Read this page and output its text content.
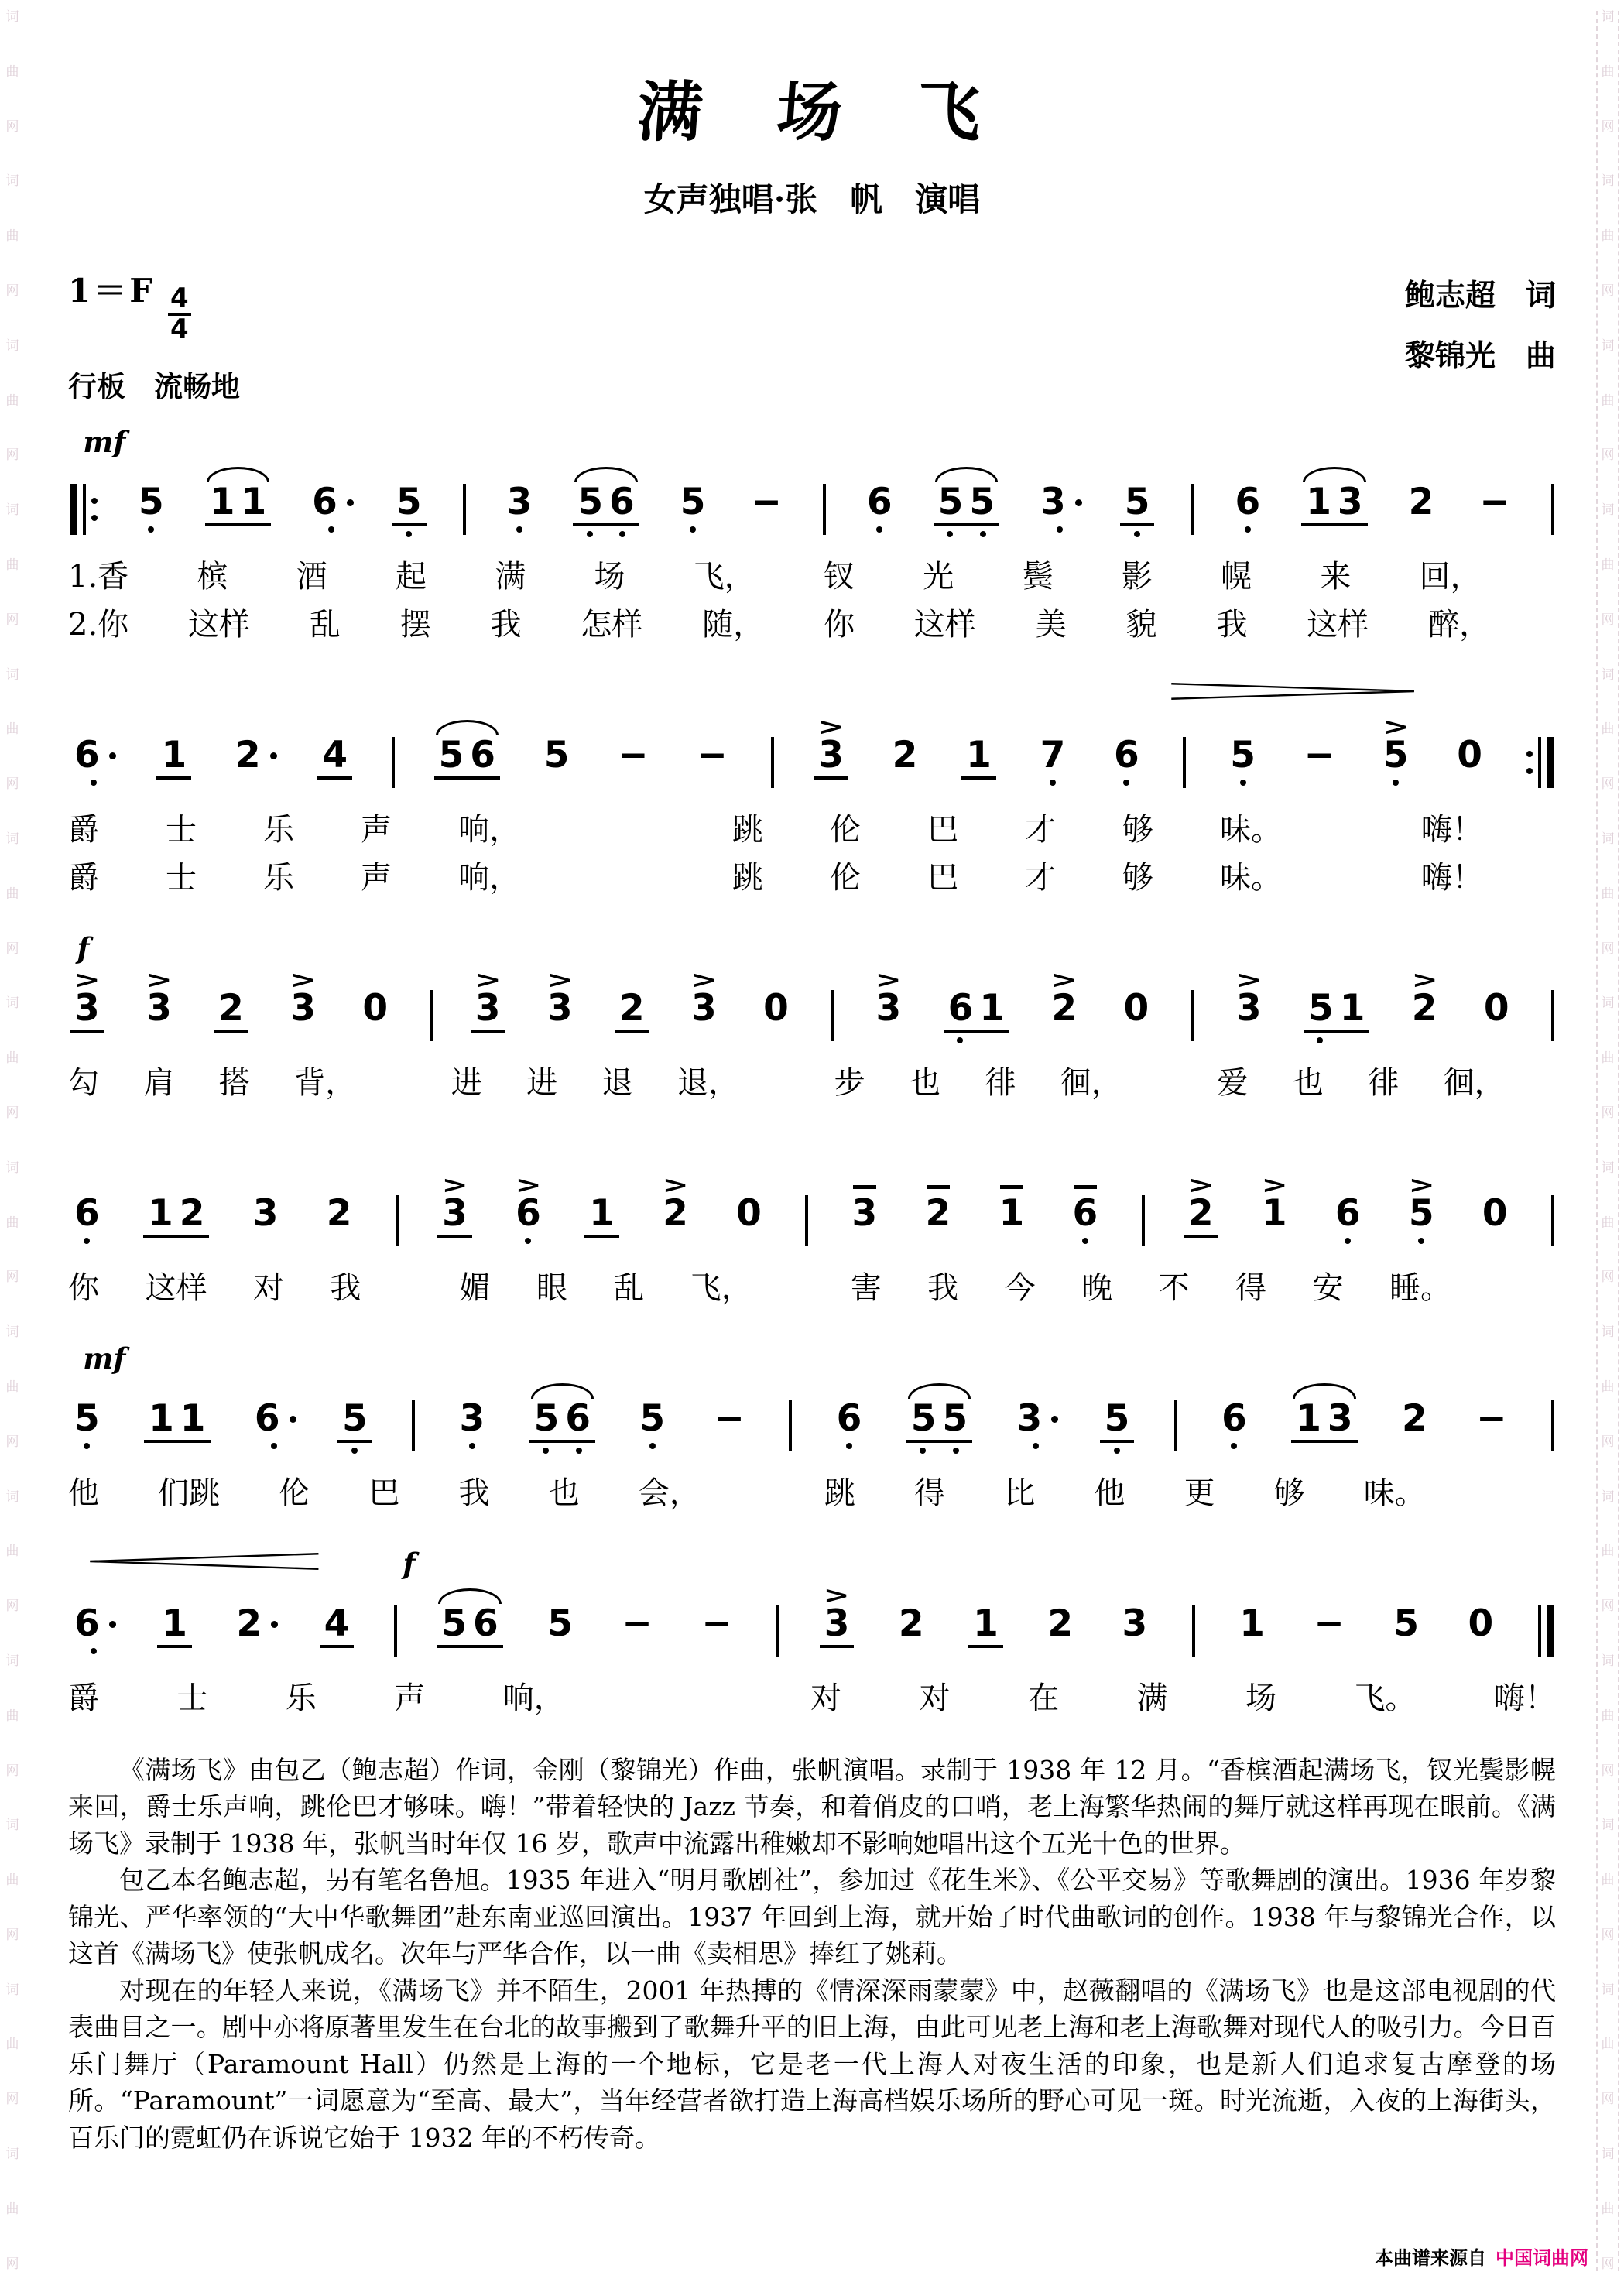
词
曲
网
词
曲
网
词
曲
网
词
曲
网
词
曲
网
词
曲
网
词
曲
网
词
曲
网
词
曲
网
词
曲
网
词
曲
网
词
曲
网
词
曲
网
词
曲
网
词
曲
网
词
曲
网
词
曲
网
词
曲
网
词
曲
网
词
曲
网
词
曲
网
词
曲
网
词
曲
网
词
曲
网
词
曲
网
词
曲
网
词
曲
网
词
曲
网
满　场　飞
女声独唱·张　帆　演唱
$1=F \frac{4}{4}$
行板　流畅地
鲍志超　词
黎锦光　曲
mf
5 1 1 6 5 3 5 6 5 − 6 5 5 3 5 6 1 3 2 −
1.香 槟 酒 起 满 场 飞， 钗 光 鬓 影 幌 来 回，
2.你 这样 乱 摆 我 怎样 随， 你 这样 美 貌 我 这样 醉，
6 1 2 4	5 6 5 − −
>
3 2 1 7 6	5 −
>
5 0
爵 士 乐 声 响，	跳 伦 巴 才 够 味。	嗨！
爵 士 乐 声 响，	跳 伦 巴 才 够 味。	嗨！
f
>
3
>
3 2
>
3 0
>
3
>
3 2
>
3 0
>
3 6 1
>
2 0
>
3 5 1
>
2 0
勾 肩 搭 背，	进 进 退 退，	步 也 徘 徊，	爱 也 徘 徊，
6 1 2 3 2
>
3
>
6 1
>
2 0 3 2 1 6
>
2
>
1 6
>
5 0
你 这样 对 我	媚 眼 乱 飞，	害 我 今 晚 不 得 安 睡。
mf
5 1 1 6 5	3 5 6 5 −	6 5 5 3 5	6 1 3 2 −
他 们跳 伦 巴 我 也 会，	跳 得 比 他 更 够 味。
f
6 1 2 4	5 6 5 − −
>
3 2 1 2 3	1 − 5 0
爵	士	乐	声	响，	对	对	在	满	场	飞。	嗨！

《满场飞》由包乙（鲍志超）作词，金刚（黎锦光）作曲，张帆演唱。录制于 1938 年 12 月。“香槟酒起满场飞，钗光鬓影幌来回，爵士乐声响，跳伦巴才够味。嗨！”带着轻快的 Jazz 节奏，和着俏皮的口哨，老上海繁华热闹的舞厅就这样再现在眼前。《满场飞》录制于 1938 年，张帆当时年仅 16 岁，歌声中流露出稚嫩却不影响她唱出这个五光十色的世界。

包乙本名鲍志超，另有笔名鲁旭。1935 年进入“明月歌剧社”，参加过《花生米》、《公平交易》等歌舞剧的演出。1936 年岁黎锦光、严华率领的“大中华歌舞团”赴东南亚巡回演出。1937 年回到上海，就开始了时代曲歌词的创作。1938 年与黎锦光合作，以这首《满场飞》使张帆成名。次年与严华合作，以一曲《卖相思》捧红了姚莉。

对现在的年轻人来说，《满场飞》并不陌生，2001 年热搏的《情深深雨蒙蒙》中，赵薇翻唱的《满场飞》也是这部电视剧的代表曲目之一。剧中亦将原著里发生在台北的故事搬到了歌舞升平的旧上海，由此可见老上海和老上海歌舞对现代人的吸引力。今日百乐门舞厅（Paramount Hall）仍然是上海的一个地标，它是老一代上海人对夜生活的印象，也是新人们追求复古摩登的场所。“Paramount”一词愿意为“至高、最大”，当年经营者欲打造上海高档娱乐场所的野心可见一斑。时光流逝，入夜的上海街头，百乐门的霓虹仍在诉说它始于 1932 年的不朽传奇。

本曲谱来源自 中国词曲网
